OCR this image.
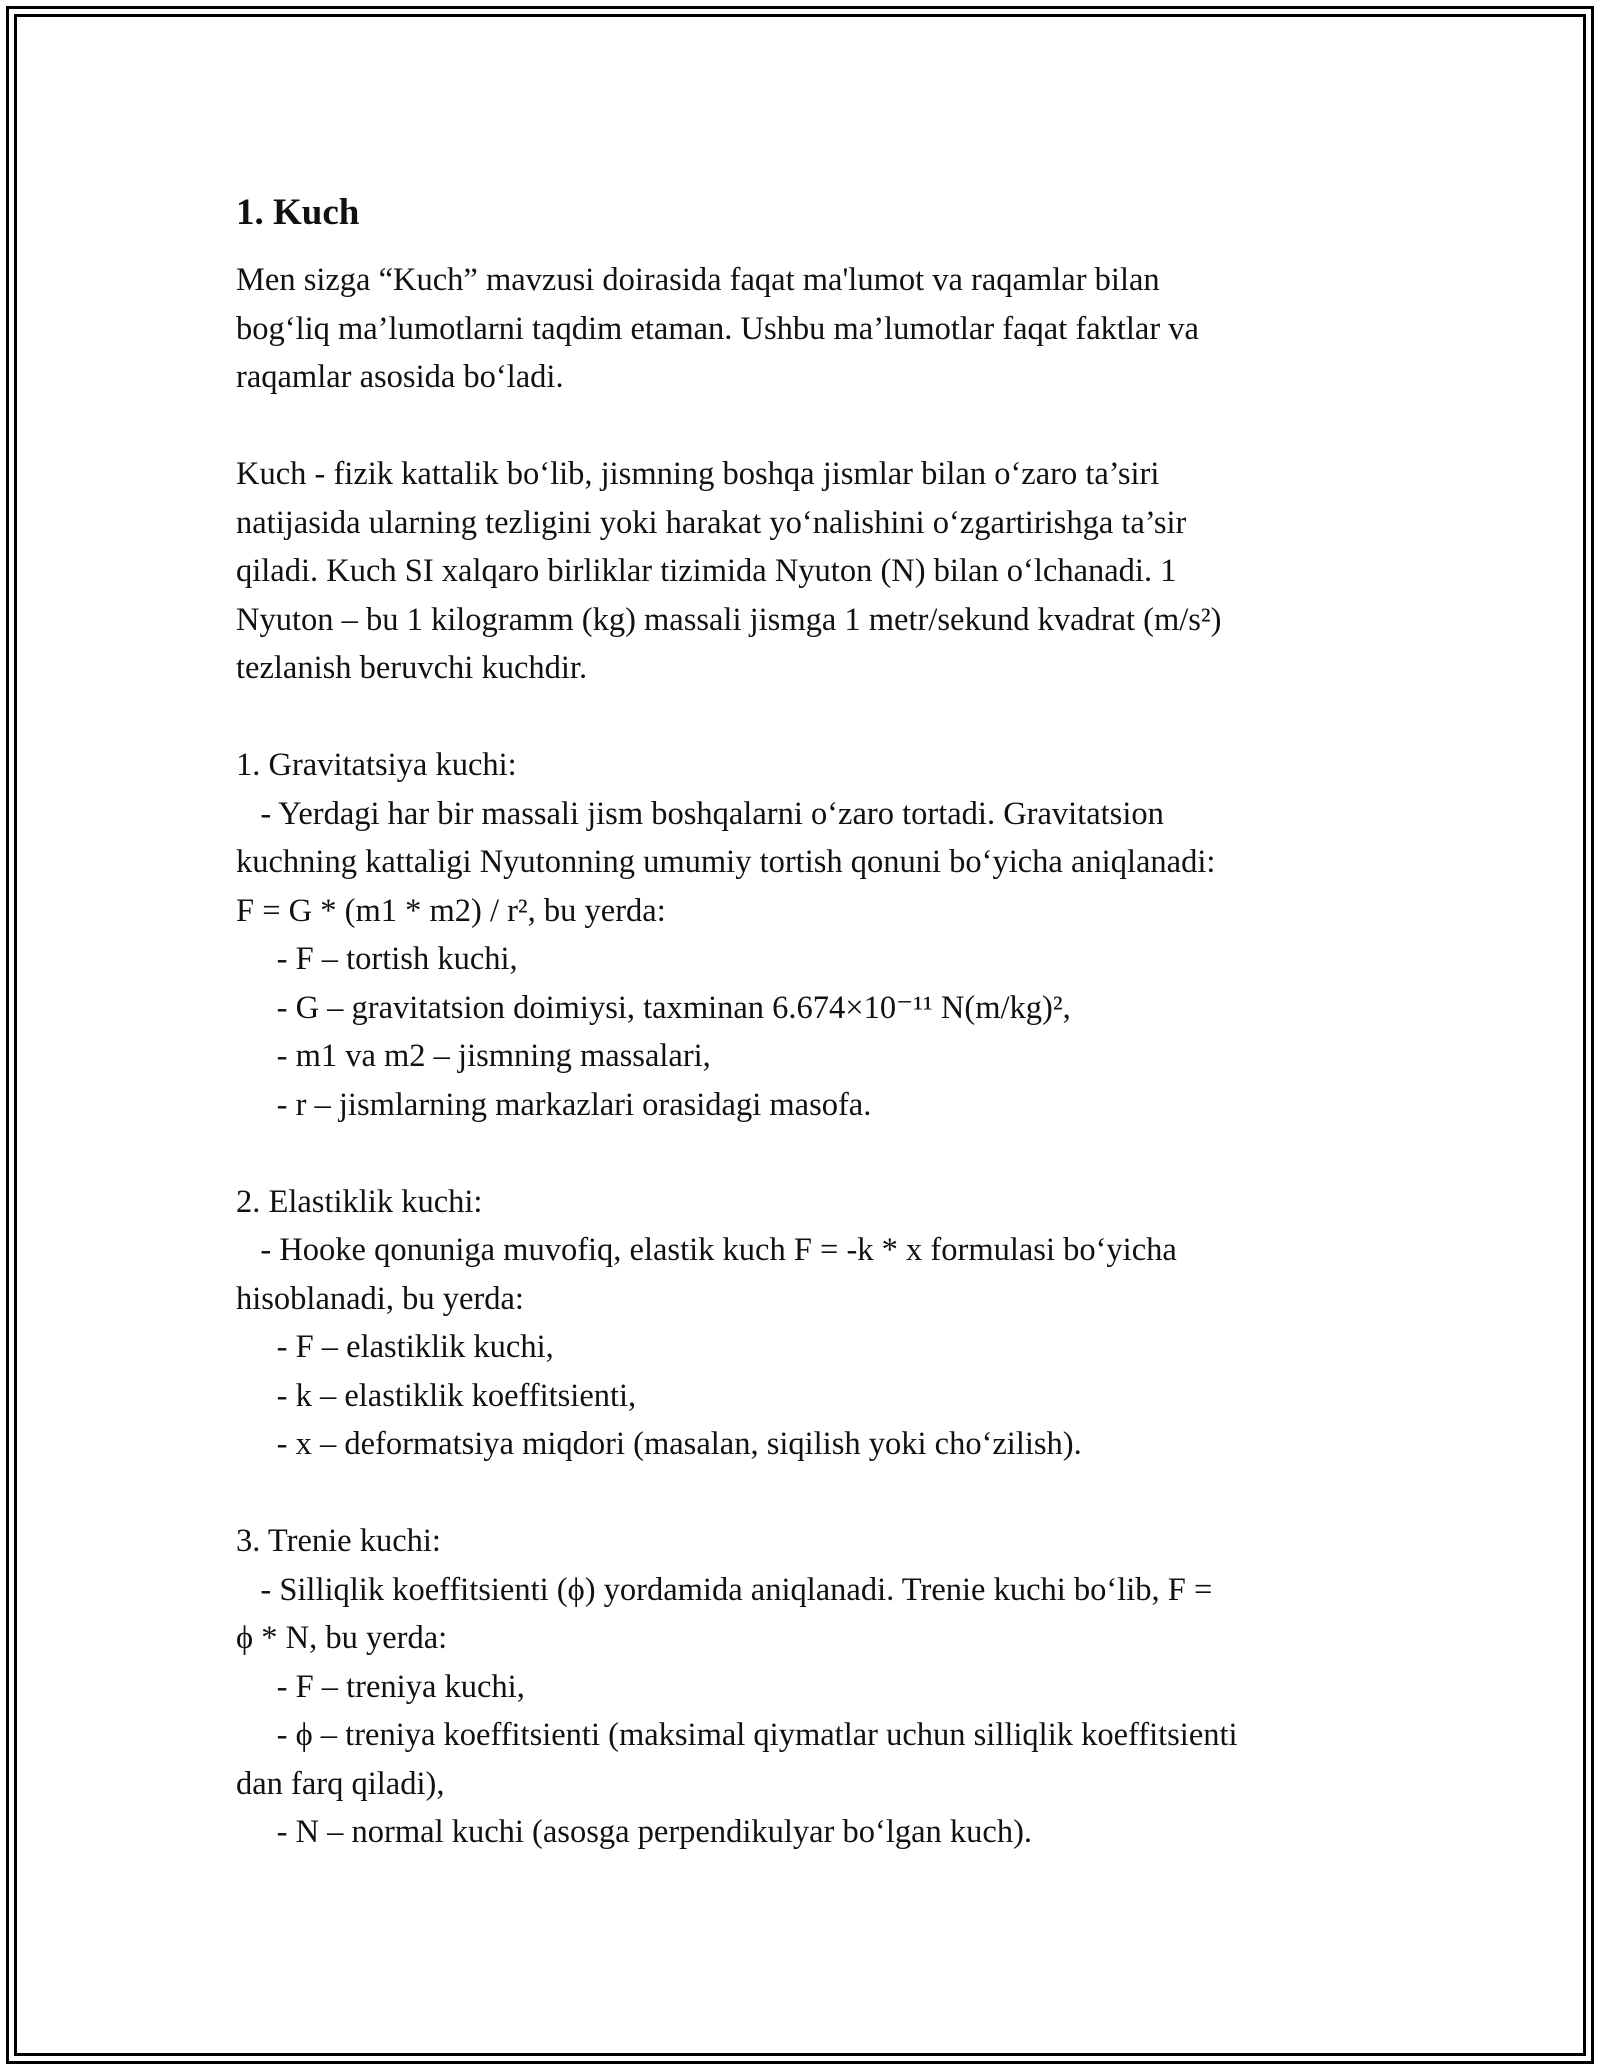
1. Kuch
Men sizga “Kuch” mavzusi doirasida faqat ma'lumot va raqamlar bilan
bog‘liq ma’lumotlarni taqdim etaman. Ushbu ma’lumotlar faqat faktlar va
raqamlar asosida bo‘ladi.
Kuch - fizik kattalik bo‘lib, jismning boshqa jismlar bilan o‘zaro ta’siri
natijasida ularning tezligini yoki harakat yo‘nalishini o‘zgartirishga ta’sir
qiladi. Kuch SI xalqaro birliklar tizimida Nyuton (N) bilan o‘lchanadi. 1
Nyuton – bu 1 kilogramm (kg) massali jismga 1 metr/sekund kvadrat (m/s²)
tezlanish beruvchi kuchdir.
1. Gravitatsiya kuchi:
- Yerdagi har bir massali jism boshqalarni o‘zaro tortadi. Gravitatsion
kuchning kattaligi Nyutonning umumiy tortish qonuni bo‘yicha aniqlanadi:
F = G * (m1 * m2) / r², bu yerda:
- F – tortish kuchi,
- G – gravitatsion doimiysi, taxminan 6.674×10⁻¹¹ N(m/kg)²,
- m1 va m2 – jismning massalari,
- r – jismlarning markazlari orasidagi masofa.
2. Elastiklik kuchi:
- Hooke qonuniga muvofiq, elastik kuch F = -k * x formulasi bo‘yicha
hisoblanadi, bu yerda:
- F – elastiklik kuchi,
- k – elastiklik koeffitsienti,
- x – deformatsiya miqdori (masalan, siqilish yoki cho‘zilish).
3. Trenie kuchi:
- Silliqlik koeffitsienti (ϕ) yordamida aniqlanadi. Trenie kuchi bo‘lib, F =
ϕ * N, bu yerda:
- F – treniya kuchi,
- ϕ – treniya koeffitsienti (maksimal qiymatlar uchun silliqlik koeffitsienti
dan farq qiladi),
- N – normal kuchi (asosga perpendikulyar bo‘lgan kuch).
